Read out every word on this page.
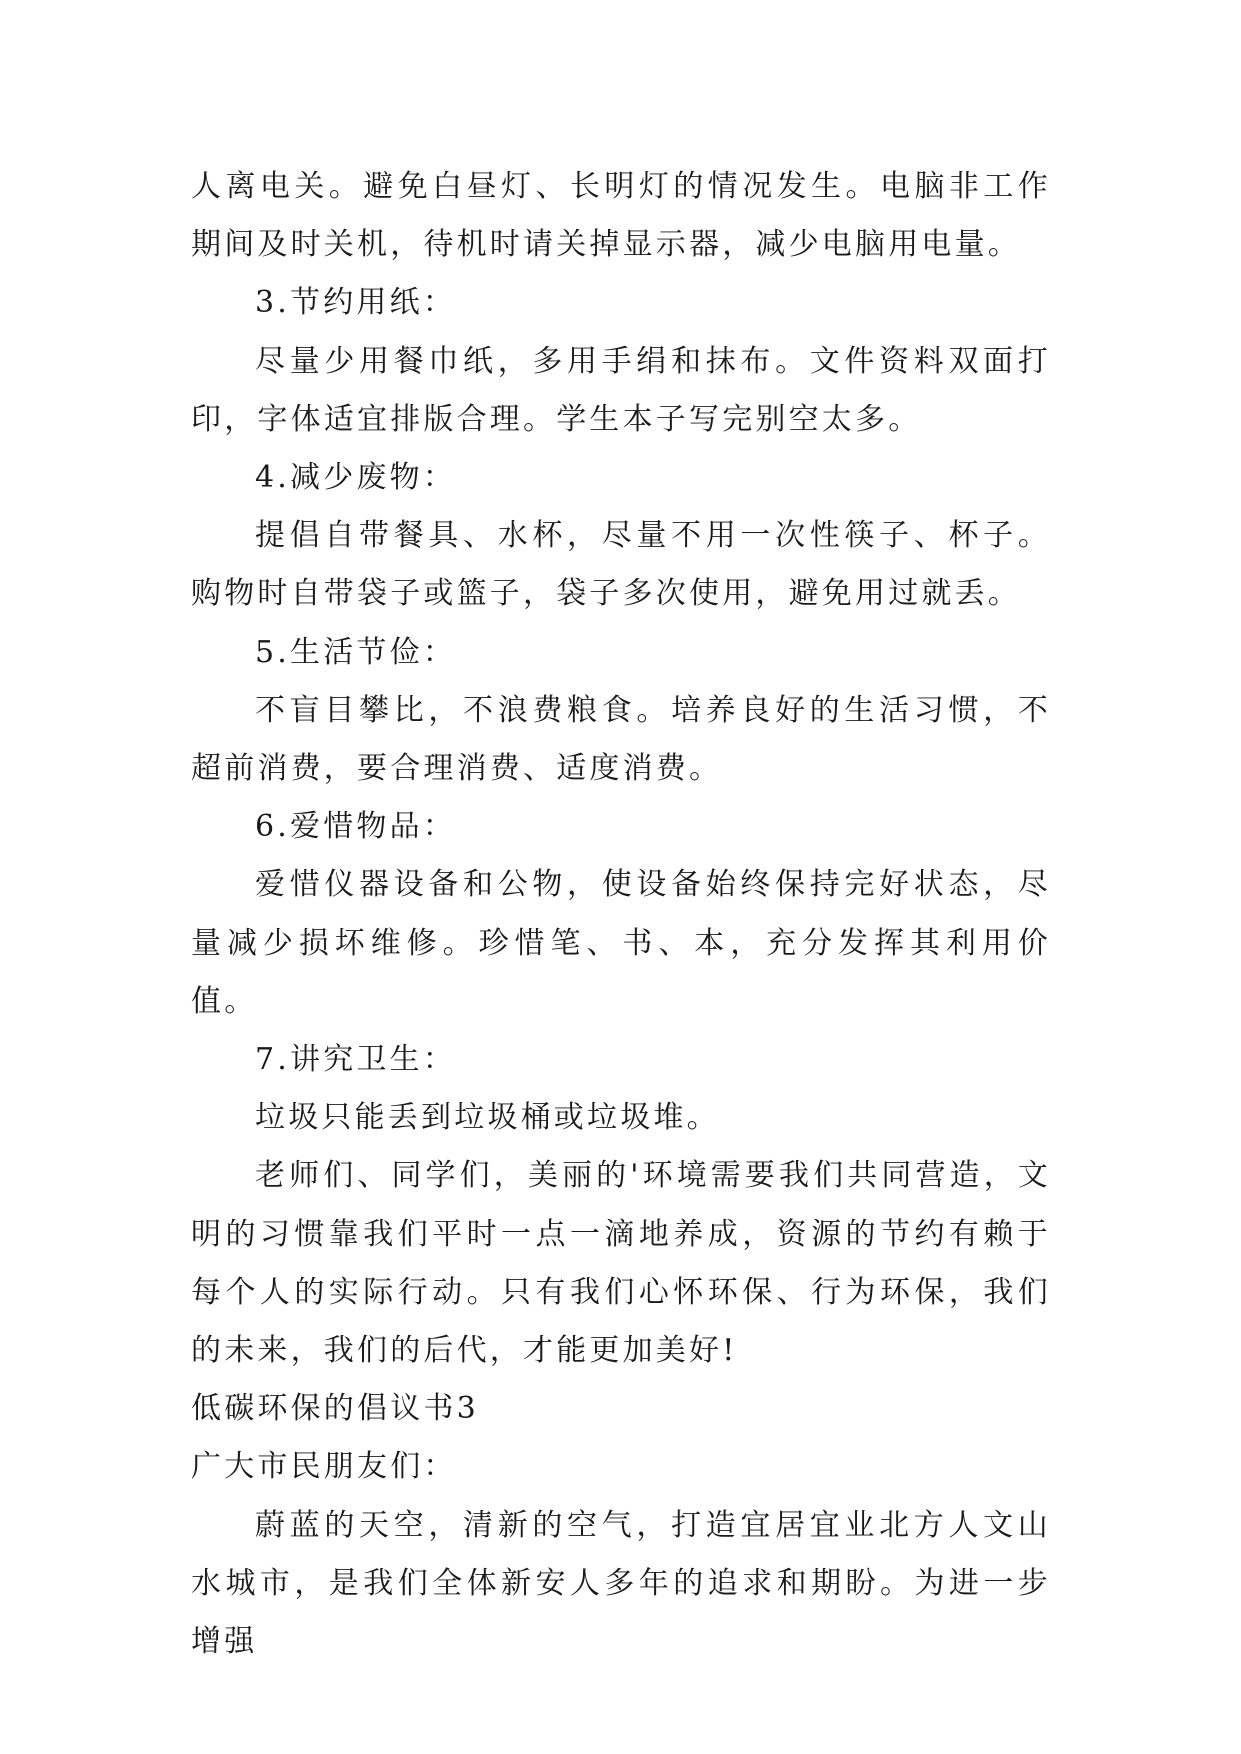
人离电关。避免白昼灯、长明灯的情况发生。电脑非工作期间及时关机，待机时请关掉显示器，减少电脑用电量。

3.节约用纸：

尽量少用餐巾纸，多用手绢和抹布。文件资料双面打印，字体适宜排版合理。学生本子写完别空太多。

4.减少废物：

提倡自带餐具、水杯，尽量不用一次性筷子、杯子。购物时自带袋子或篮子，袋子多次使用，避免用过就丢。

5.生活节俭：

不盲目攀比，不浪费粮食。培养良好的生活习惯，不超前消费，要合理消费、适度消费。

6.爱惜物品：

爱惜仪器设备和公物，使设备始终保持完好状态，尽量减少损坏维修。珍惜笔、书、本，充分发挥其利用价值。

7.讲究卫生：

垃圾只能丢到垃圾桶或垃圾堆。

老师们、同学们，美丽的'环境需要我们共同营造，文明的习惯靠我们平时一点一滴地养成，资源的节约有赖于每个人的实际行动。只有我们心怀环保、行为环保，我们的未来，我们的后代，才能更加美好!

低碳环保的倡议书3

广大市民朋友们：

蔚蓝的天空，清新的空气，打造宜居宜业北方人文山水城市，是我们全体新安人多年的追求和期盼。为进一步增强
